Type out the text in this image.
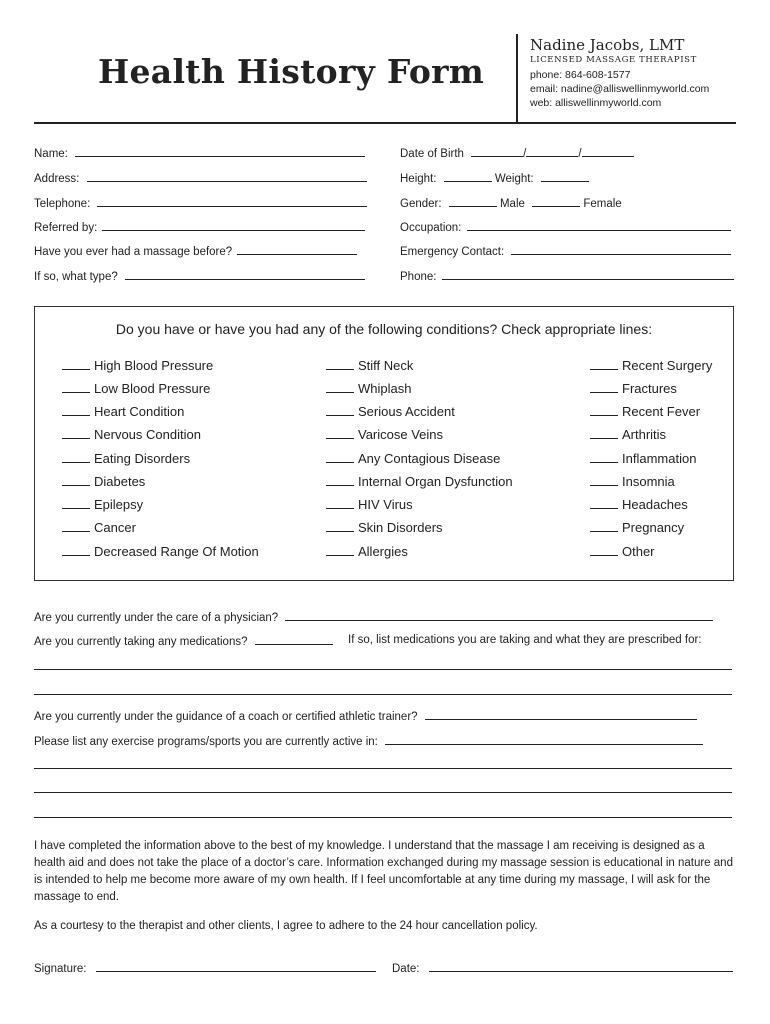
Health History Form
Nadine Jacobs, LMT
LICENSED MASSAGE THERAPIST
phone: 864-608-1577
email: nadine@alliswellinmyworld.com
web: alliswellinmyworld.com
Name:
Address:
Telephone:
Referred by:
Have you ever had a massage before?
If so, what type?
Date of Birth	/	/
Height:	Weight:
Gender:	Male	Female
Occupation:
Emergency Contact:
Phone:
Do you have or have you had any of the following conditions? Check appropriate lines:
High Blood Pressure
Low Blood Pressure
Heart Condition
Nervous Condition
Eating Disorders
Diabetes
Epilepsy
Cancer
Decreased Range Of Motion
Stiff Neck
Whiplash
Serious Accident
Varicose Veins
Any Contagious Disease
Internal Organ Dysfunction
HIV Virus
Skin Disorders
Allergies
Recent Surgery
Fractures
Recent Fever
Arthritis
Inflammation
Insomnia
Headaches
Pregnancy
Other
Are you currently under the care of a physician?
Are you currently taking any medications?	If so, list medications you are taking and what they are prescribed for:
Are you currently under the guidance of a coach or certified athletic trainer?
Please list any exercise programs/sports you are currently active in:
I have completed the information above to the best of my knowledge. I understand that the massage I am receiving is designed as a health aid and does not take the place of a doctor’s care. Information exchanged during my massage session is educational in nature and is intended to help me become more aware of my own health. If I feel uncomfortable at any time during my massage, I will ask for the massage to end.
As a courtesy to the therapist and other clients, I agree to adhere to the 24 hour cancellation policy.
Signature:	Date:
